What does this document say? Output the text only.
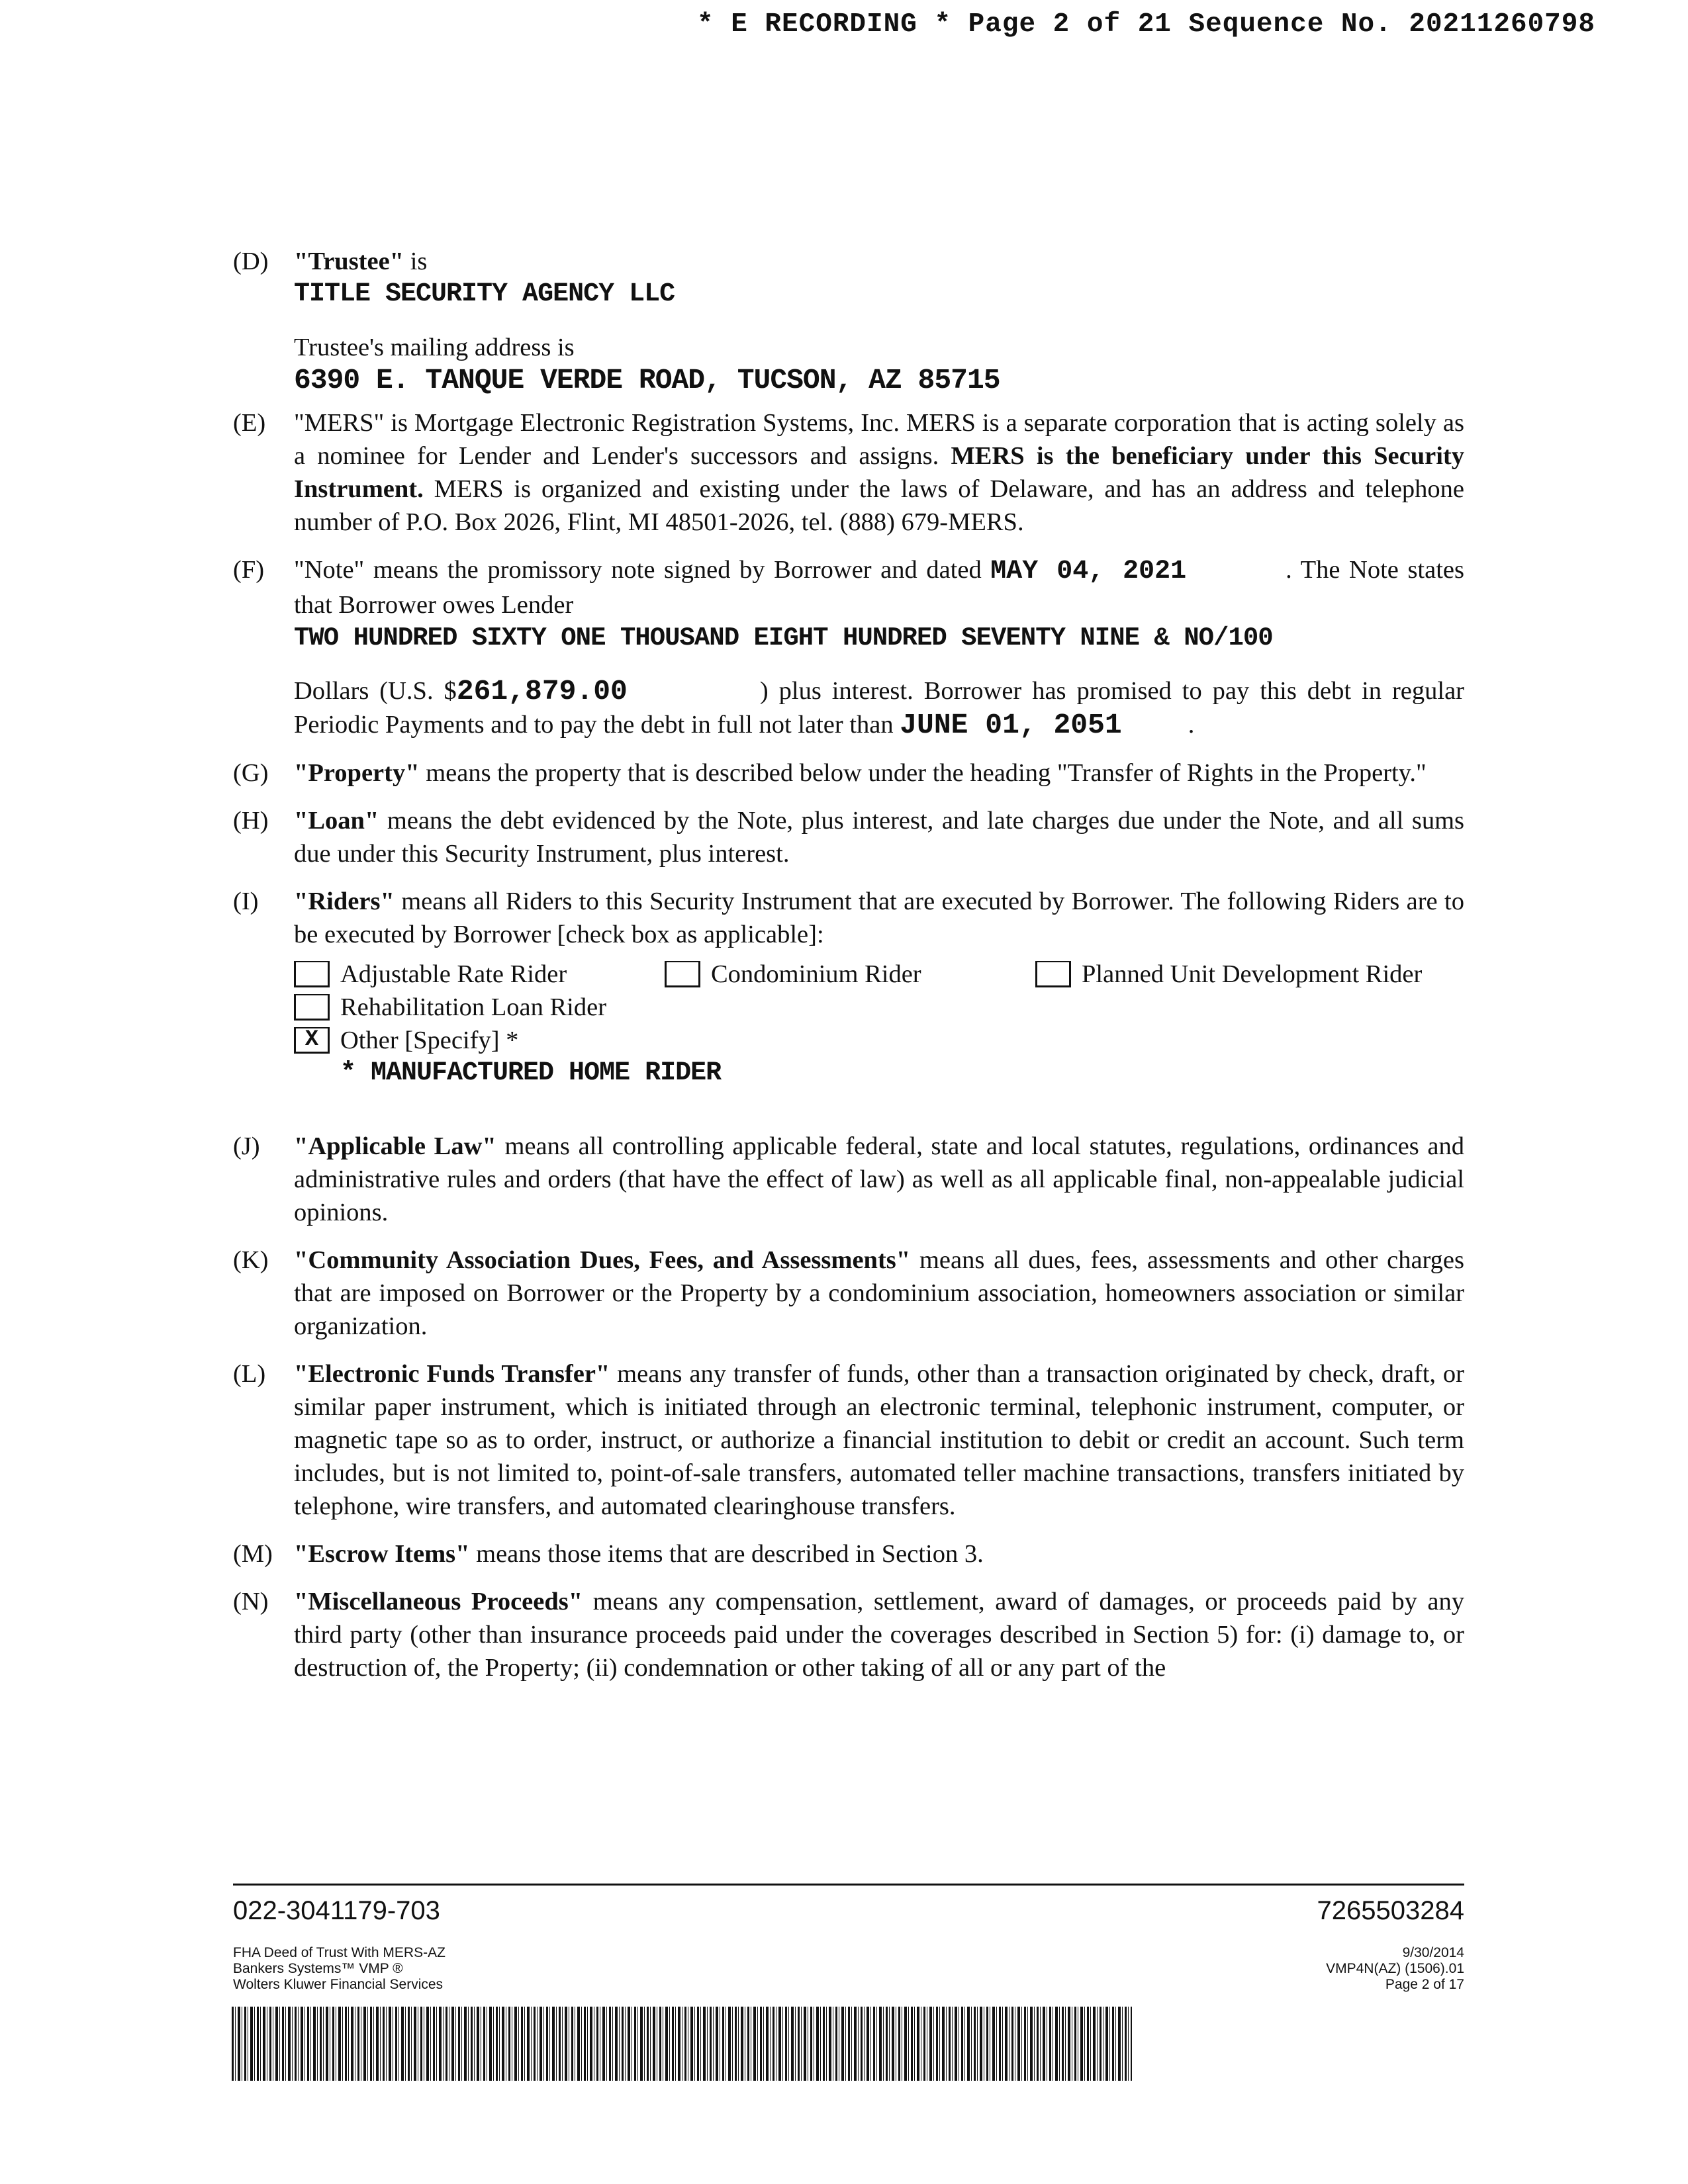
* E RECORDING * Page 2 of 21 Sequence No. 20211260798
(D) "Trustee" is
TITLE SECURITY AGENCY LLC
Trustee's mailing address is
6390 E. TANQUE VERDE ROAD, TUCSON, AZ 85715
(E) "MERS" is Mortgage Electronic Registration Systems, Inc. MERS is a separate corporation that is acting solely as a nominee for Lender and Lender's successors and assigns. MERS is the beneficiary under this Security Instrument. MERS is organized and existing under the laws of Delaware, and has an address and telephone number of P.O. Box 2026, Flint, MI 48501-2026, tel. (888) 679-MERS.
(F) "Note" means the promissory note signed by Borrower and dated MAY 04, 2021	. The Note states that Borrower owes Lender
TWO HUNDRED SIXTY ONE THOUSAND EIGHT HUNDRED SEVENTY NINE & NO/100
Dollars (U.S. $261,879.00	) plus interest. Borrower has promised to pay this debt in regular Periodic Payments and to pay the debt in full not later than JUNE 01, 2051	.
(G) "Property" means the property that is described below under the heading "Transfer of Rights in the Property."
(H) "Loan" means the debt evidenced by the Note, plus interest, and late charges due under the Note, and all sums due under this Security Instrument, plus interest.
(I) "Riders" means all Riders to this Security Instrument that are executed by Borrower. The following Riders are to be executed by Borrower [check box as applicable]:
Adjustable Rate Rider	Condominium Rider	Planned Unit Development Rider
Rehabilitation Loan Rider
X Other [Specify] *
* MANUFACTURED HOME RIDER
(J) "Applicable Law" means all controlling applicable federal, state and local statutes, regulations, ordinances and administrative rules and orders (that have the effect of law) as well as all applicable final, non-appealable judicial opinions.
(K) "Community Association Dues, Fees, and Assessments" means all dues, fees, assessments and other charges that are imposed on Borrower or the Property by a condominium association, homeowners association or similar organization.
(L) "Electronic Funds Transfer" means any transfer of funds, other than a transaction originated by check, draft, or similar paper instrument, which is initiated through an electronic terminal, telephonic instrument, computer, or magnetic tape so as to order, instruct, or authorize a financial institution to debit or credit an account. Such term includes, but is not limited to, point-of-sale transfers, automated teller machine transactions, transfers initiated by telephone, wire transfers, and automated clearinghouse transfers.
(M) "Escrow Items" means those items that are described in Section 3.
(N) "Miscellaneous Proceeds" means any compensation, settlement, award of damages, or proceeds paid by any third party (other than insurance proceeds paid under the coverages described in Section 5) for: (i) damage to, or destruction of, the Property; (ii) condemnation or other taking of all or any part of the
022-3041179-703	7265503284
FHA Deed of Trust With MERS-AZ
Bankers Systems™ VMP ®
Wolters Kluwer Financial Services
9/30/2014
VMP4N(AZ) (1506).01
Page 2 of 17
